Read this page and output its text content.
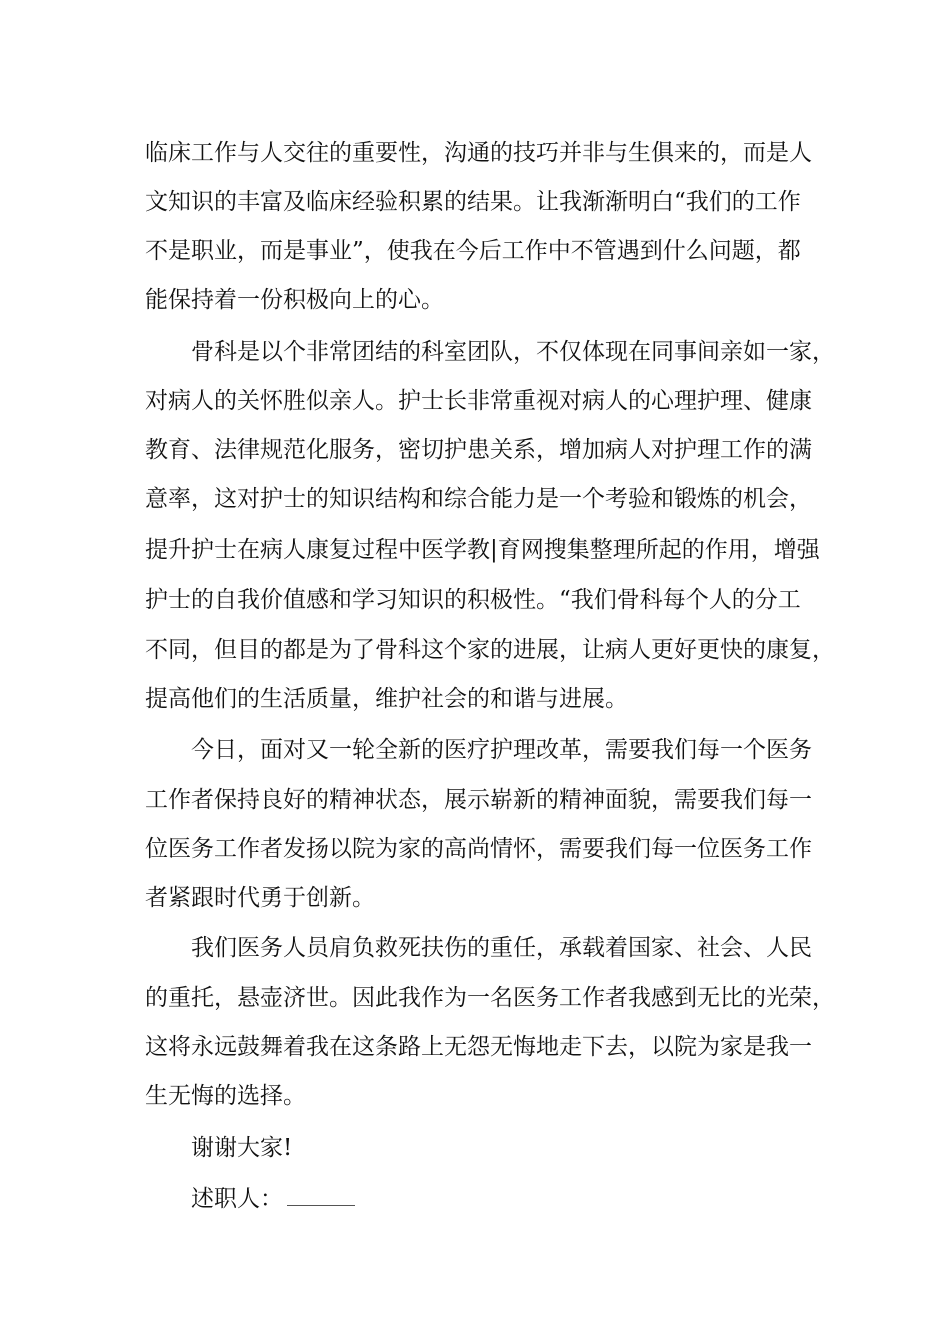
临床工作与人交往的重要性，沟通的技巧并非与生俱来的，而是人
文知识的丰富及临床经验积累的结果。让我渐渐明白“我们的工作
不是职业，而是事业”，使我在今后工作中不管遇到什么问题，都
能保持着一份积极向上的心。
骨科是以个非常团结的科室团队，不仅体现在同事间亲如一家，
对病人的关怀胜似亲人。护士长非常重视对病人的心理护理、健康
教育、法律规范化服务，密切护患关系，增加病人对护理工作的满
意率，这对护士的知识结构和综合能力是一个考验和锻炼的机会，
提升护士在病人康复过程中医学教|育网搜集整理所起的作用，增强
护士的自我价值感和学习知识的积极性。“我们骨科每个人的分工
不同，但目的都是为了骨科这个家的进展，让病人更好更快的康复，
提高他们的生活质量，维护社会的和谐与进展。
今日，面对又一轮全新的医疗护理改革，需要我们每一个医务
工作者保持良好的精神状态，展示崭新的精神面貌，需要我们每一
位医务工作者发扬以院为家的高尚情怀，需要我们每一位医务工作
者紧跟时代勇于创新。
我们医务人员肩负救死扶伤的重任，承载着国家、社会、人民
的重托，悬壶济世。因此我作为一名医务工作者我感到无比的光荣，
这将永远鼓舞着我在这条路上无怨无悔地走下去，以院为家是我一
生无悔的选择。
谢谢大家!
述职人：
